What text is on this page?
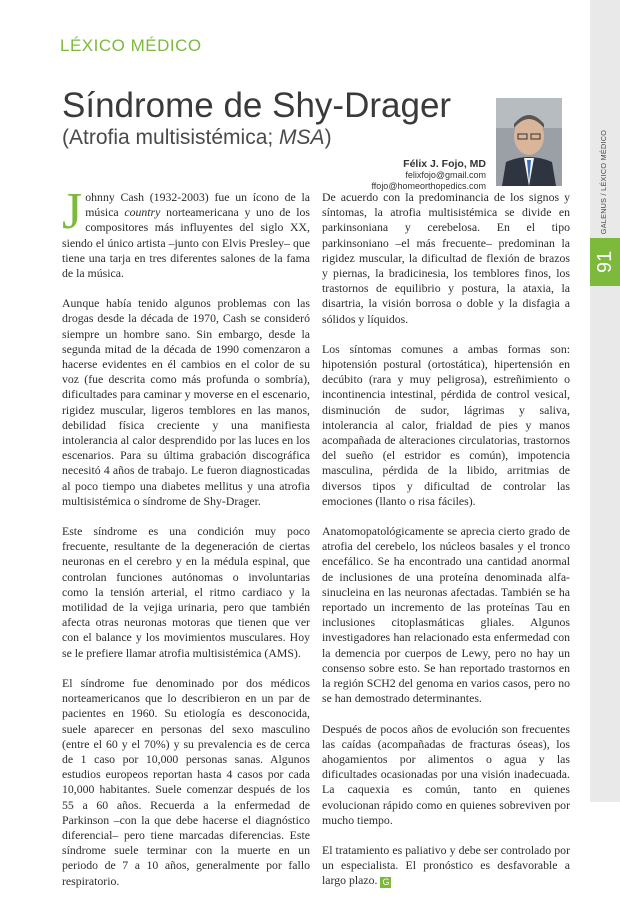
LÉXICO MÉDICO
Síndrome de Shy-Drager
(Atrofia multisistémica; MSA)
Félix J. Fojo, MD
felixfojo@gmail.com
ffojo@homeorthopedics.com	GALENUS / LÉXICO MÉDICO
91

Johnny Cash (1932-2003) fue un ícono de la música country norteamericana y uno de los compositores más influyentes del siglo XX, siendo el único artista –junto con Elvis Presley– que tiene una tarja en tres diferentes salones de la fama de la música.

Aunque había tenido algunos problemas con las drogas desde la década de 1970, Cash se consideró siempre un hombre sano. Sin embargo, desde la segunda mitad de la década de 1990 comenzaron a hacerse evidentes en él cambios en el color de su voz (fue descrita como más profunda o sombría), dificultades para caminar y moverse en el escenario, rigidez muscular, ligeros temblores en las manos, debilidad física creciente y una manifiesta intolerancia al calor desprendido por las luces en los escenarios. Para su última grabación discográfica necesitó 4 años de trabajo. Le fueron diagnosticadas al poco tiempo una diabetes mellitus y una atrofia multisistémica o síndrome de Shy-Drager.

Este síndrome es una condición muy poco frecuente, resultante de la degeneración de ciertas neuronas en el cerebro y en la médula espinal, que controlan funciones autónomas o involuntarias como la tensión arterial, el ritmo cardiaco y la motilidad de la vejiga urinaria, pero que también afecta otras neuronas motoras que tienen que ver con el balance y los movimientos musculares. Hoy se le prefiere llamar atrofia multisistémica (AMS).

El síndrome fue denominado por dos médicos norteamericanos que lo describieron en un par de pacientes en 1960. Su etiología es desconocida, suele aparecer en personas del sexo masculino (entre el 60 y el 70%) y su prevalencia es de cerca de 1 caso por 10,000 personas sanas. Algunos estudios europeos reportan hasta 4 casos por cada 10,000 habitantes. Suele comenzar después de los 55 a 60 años. Recuerda a la enfermedad de Parkinson –con la que debe hacerse el diagnóstico diferencial– pero tiene marcadas diferencias. Este síndrome suele terminar con la muerte en un periodo de 7 a 10 años, generalmente por fallo respiratorio.

De acuerdo con la predominancia de los signos y síntomas, la atrofia multisistémica se divide en parkinsoniana y cerebelosa. En el tipo parkinsoniano –el más frecuente– predominan la rigidez muscular, la dificultad de flexión de brazos y piernas, la bradicinesia, los temblores finos, los trastornos de equilibrio y postura, la ataxia, la disartria, la visión borrosa o doble y la disfagia a sólidos y líquidos.

Los síntomas comunes a ambas formas son: hipotensión postural (ortostática), hipertensión en decúbito (rara y muy peligrosa), estreñimiento o incontinencia intestinal, pérdida de control vesical, disminución de sudor, lágrimas y saliva, intolerancia al calor, frialdad de pies y manos acompañada de alteraciones circulatorias, trastornos del sueño (el estridor es común), impotencia masculina, pérdida de la libido, arritmias de diversos tipos y dificultad de controlar las emociones (llanto o risa fáciles).

Anatomopatológicamente se aprecia cierto grado de atrofia del cerebelo, los núcleos basales y el tronco encefálico. Se ha encontrado una cantidad anormal de inclusiones de una proteína denominada alfa-sinucleina en las neuronas afectadas. También se ha reportado un incremento de las proteínas Tau en inclusiones citoplasmáticas gliales. Algunos investigadores han relacionado esta enfermedad con la demencia por cuerpos de Lewy, pero no hay un consenso sobre esto. Se han reportado trastornos en la región SCH2 del genoma en varios casos, pero no se han demostrado determinantes.

Después de pocos años de evolución son frecuentes las caídas (acompañadas de fracturas óseas), los ahogamientos por alimentos o agua y las dificultades ocasionadas por una visión inadecuada. La caquexia es común, tanto en quienes evolucionan rápido como en quienes sobreviven por mucho tiempo.

El tratamiento es paliativo y debe ser controlado por un especialista. El pronóstico es desfavorable a largo plazo. G
